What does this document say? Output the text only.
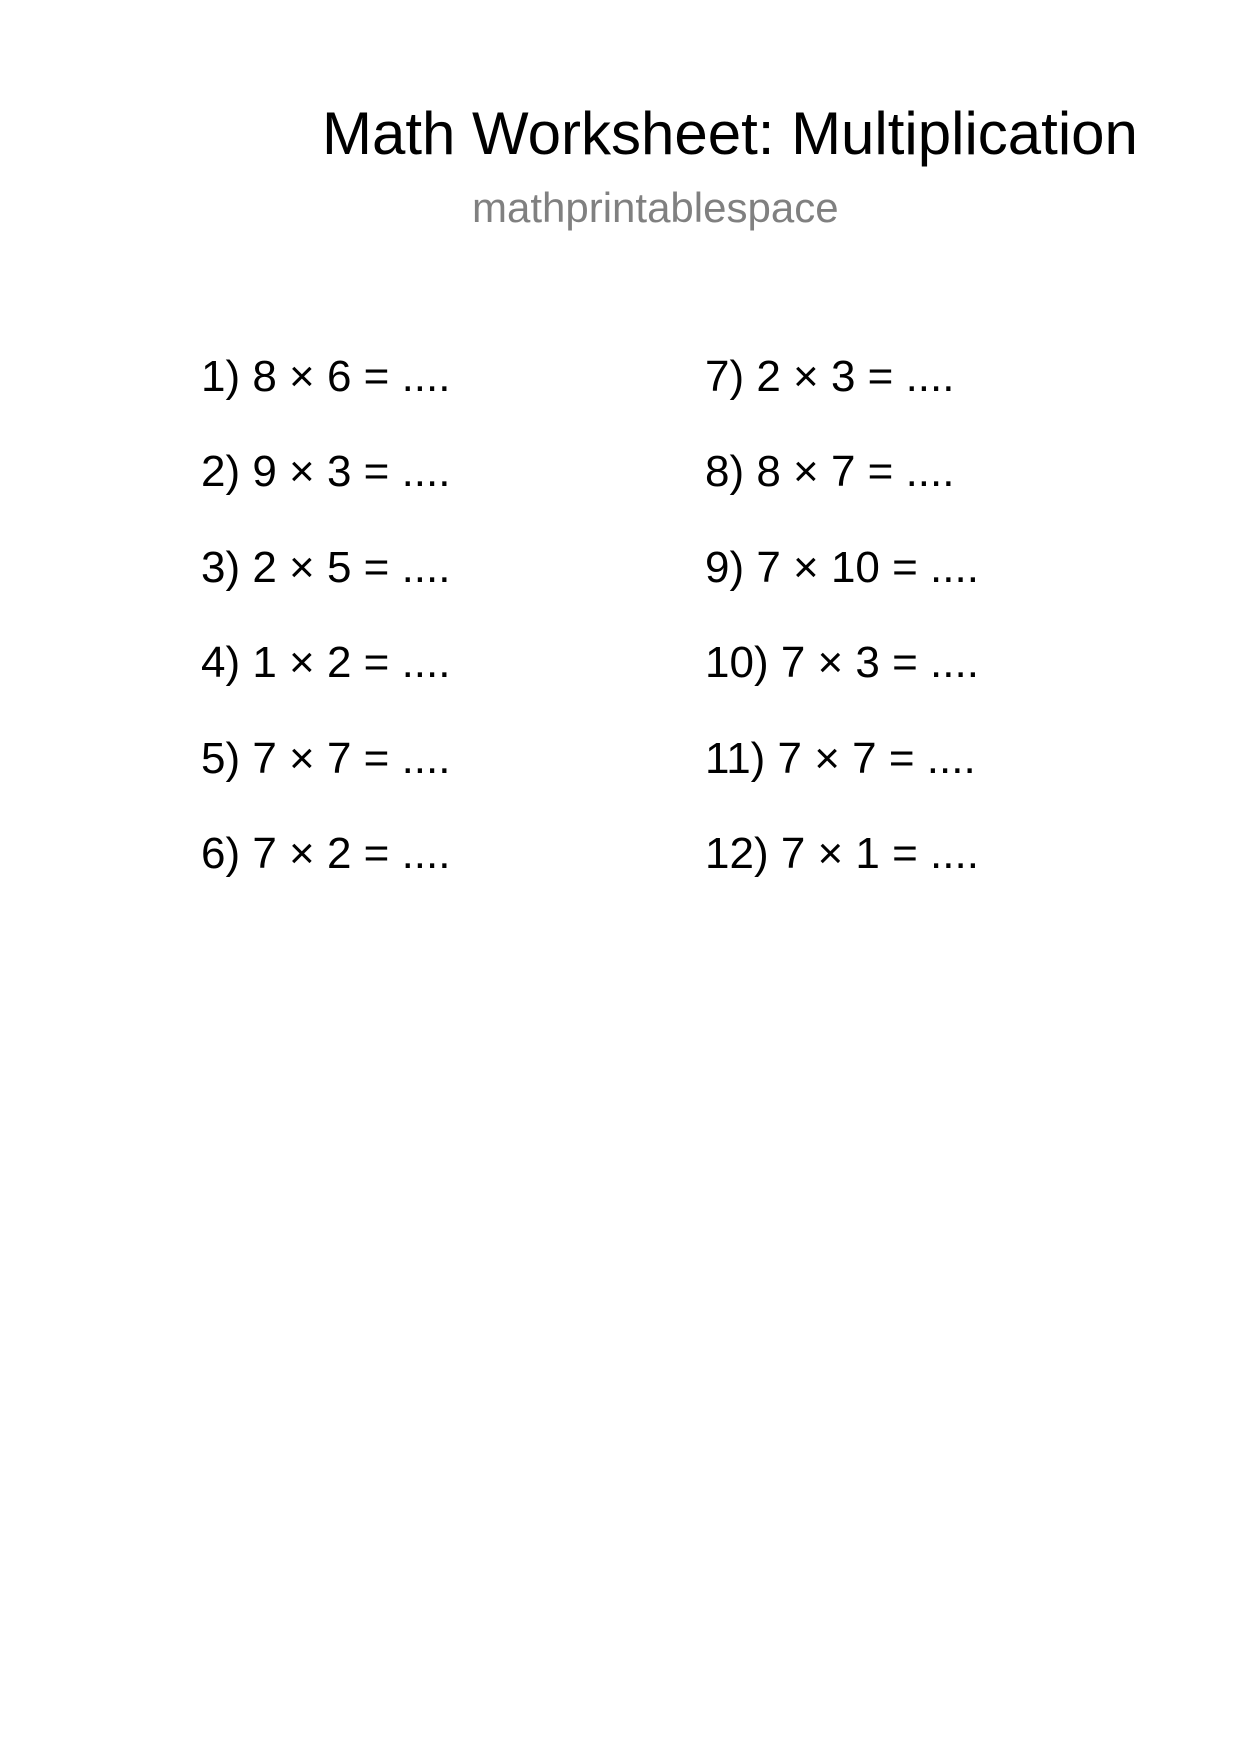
Math Worksheet: Multiplication
mathprintablespace
1) 8 × 6 = ....
2) 9 × 3 = ....
3) 2 × 5 = ....
4) 1 × 2 = ....
5) 7 × 7 = ....
6) 7 × 2 = ....
7) 2 × 3 = ....
8) 8 × 7 = ....
9) 7 × 10 = ....
10) 7 × 3 = ....
11) 7 × 7 = ....
12) 7 × 1 = ....
